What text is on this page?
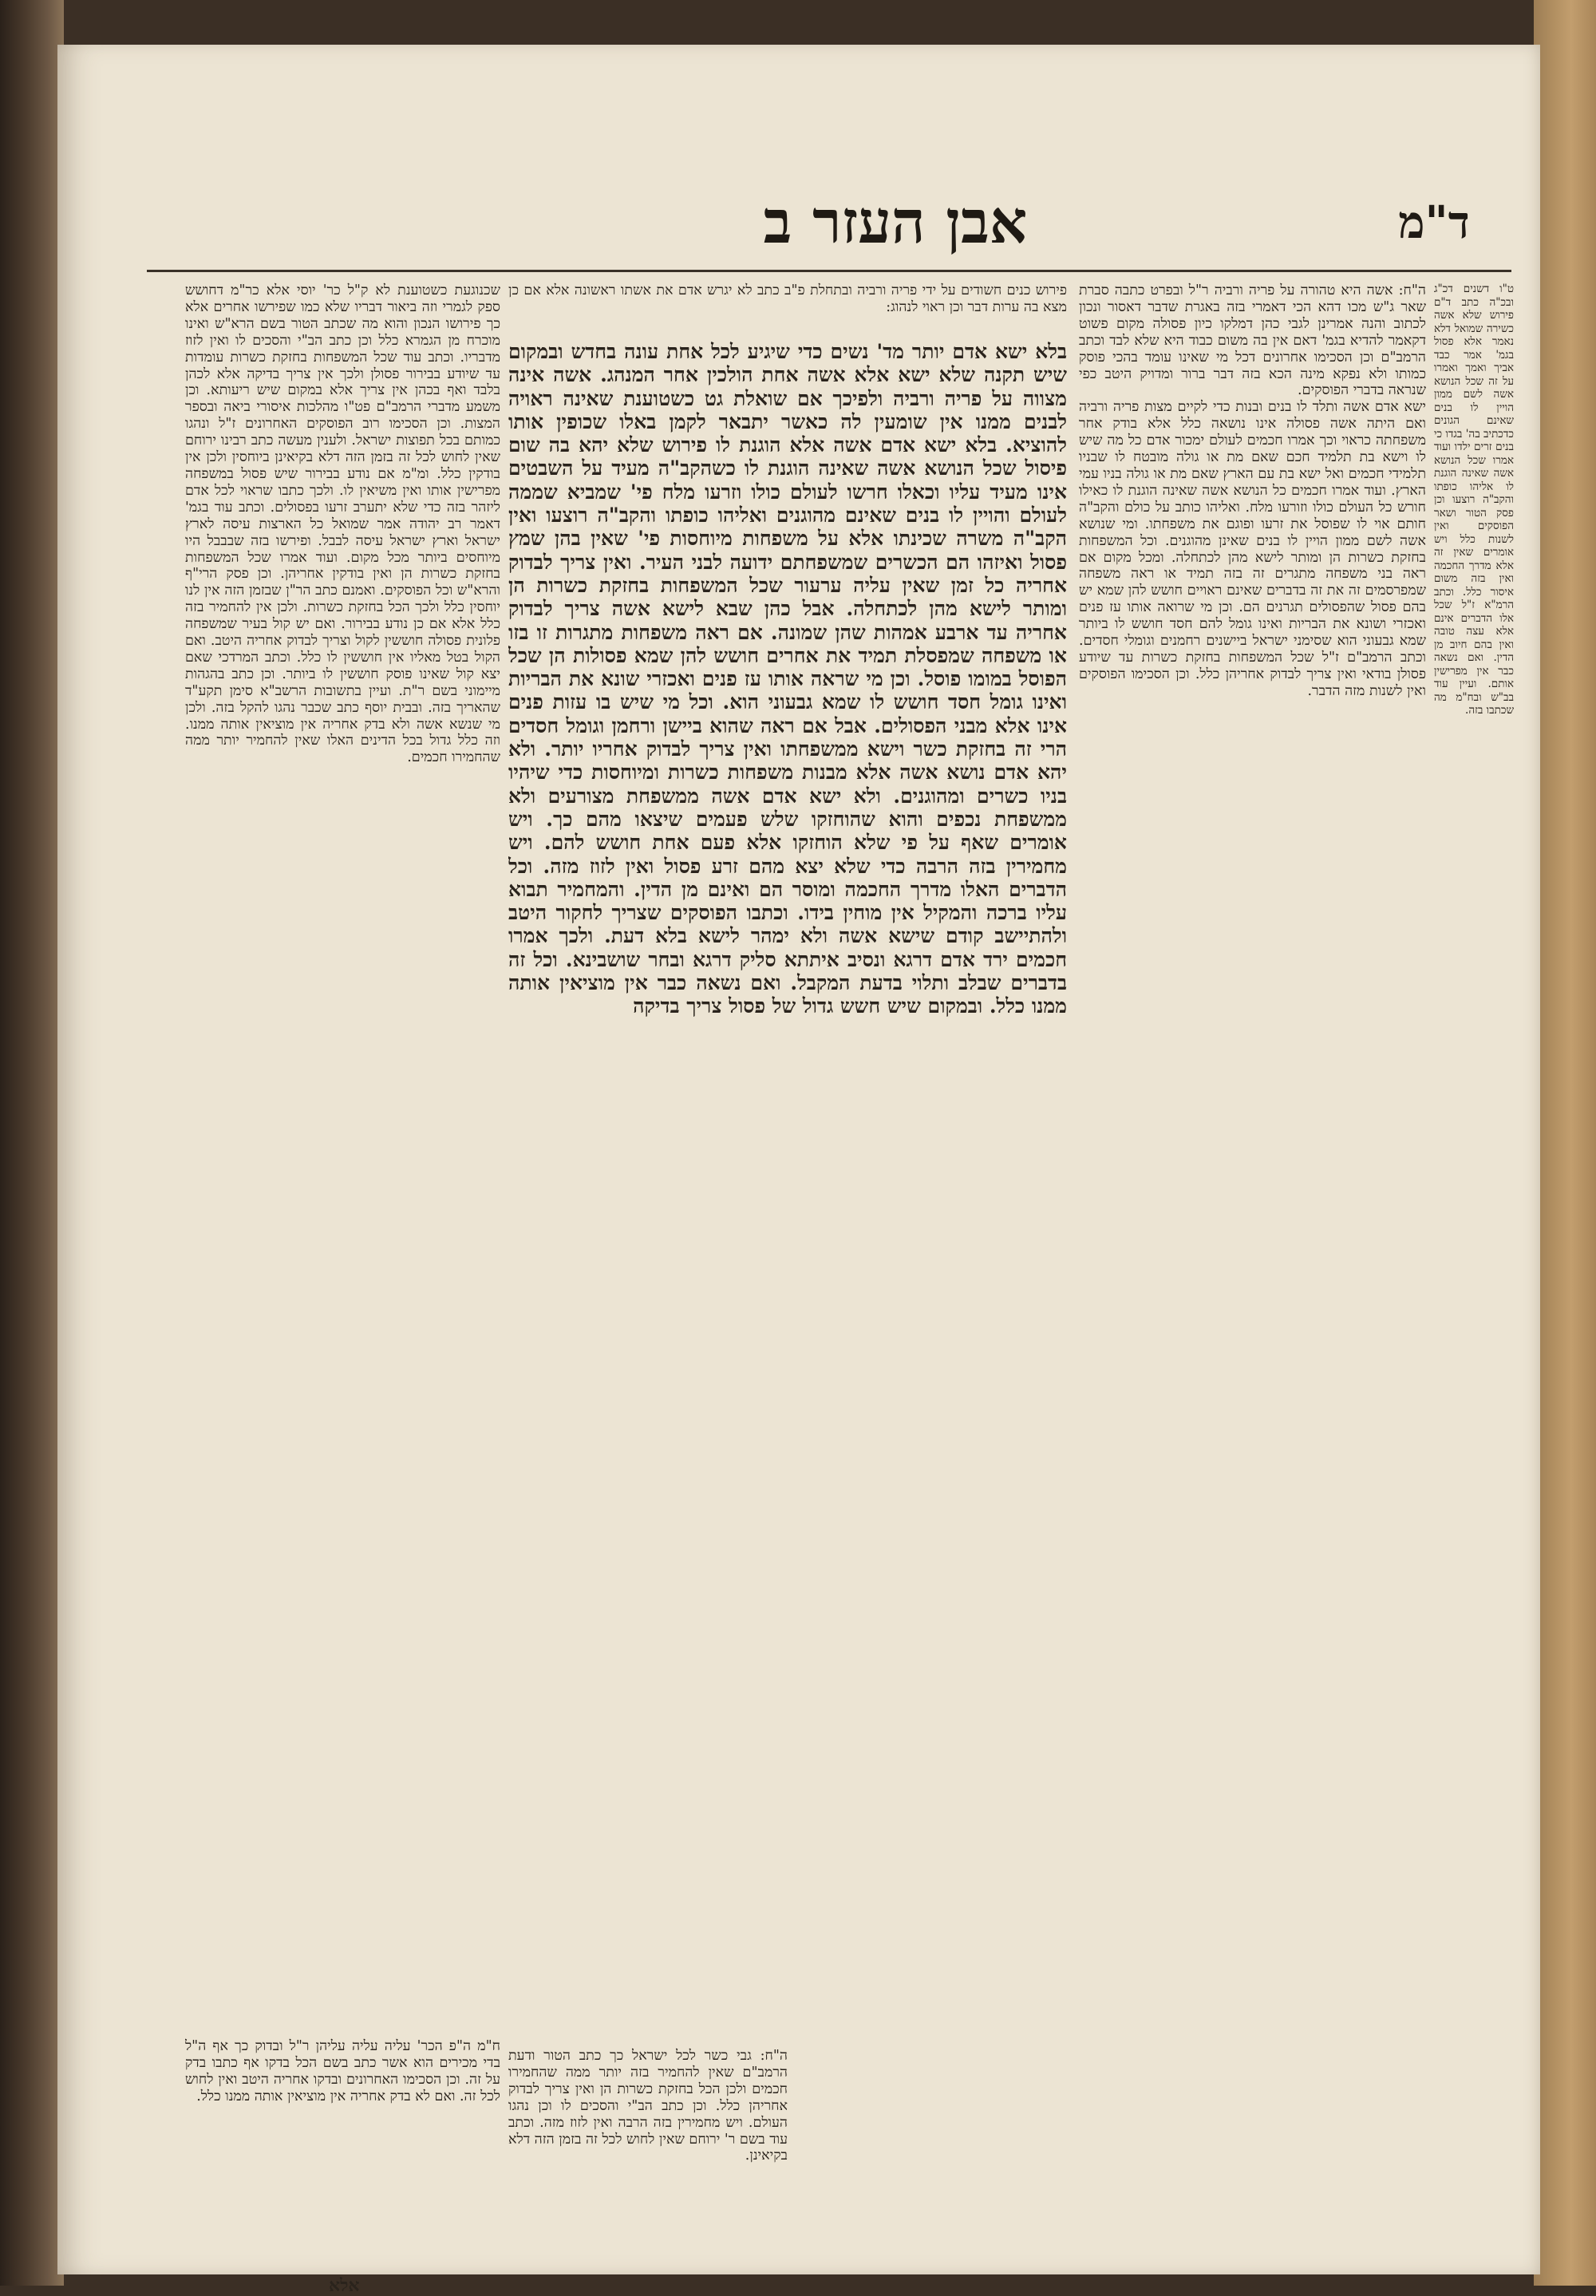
אבן העזר ב	ד"מ

ט"ו דשנים דכ"ג ובכ"ה כתב ד"ם פירוש שלא אשה כשירה שמואל דלא נאמר אלא פסול בגמ' אמר כבד אביך ואמך ואמרו על זה שכל הנושא אשה לשם ממון הויין לו בנים שאינם הגונים כדכתיב בה' בגדו כי בנים זרים ילדו ועוד אמרו שכל הנושא אשה שאינה הוגנת לו אליהו כופתו והקב"ה רוצעו וכן פסק הטור ושאר הפוסקים ואין לשנות כלל ויש אומרים שאין זה אלא מדרך החכמה ואין בזה משום איסור כלל. וכתב הרמ"א ז"ל שכל אלו הדברים אינם אלא עצה טובה ואין בהם חיוב מן הדין. ואם נשאה כבר אין מפרישין אותם. ועיין עוד בב"ש ובח"מ מה שכתבו בזה.

ה"ח: אשה היא טהורה על פריה ורביה ר"ל ובפרט כתבה סברת שאר ג"ש מכו דהא הכי דאמרי בזה באגרת שדבר דאסור ונכון לכתוב והנה אמרינן לגבי כהן דמלקו כיון פסולה מקום פשוט דקאמר להדיא בגמ' דאם אין בה משום כבוד היא שלא לבד וכתב הרמב"ם וכן הסכימו אחרונים דכל מי שאינו עומד בהכי פוסק כמותו ולא נפקא מינה הכא בזה דבר ברור ומדויק היטב כפי שנראה בדברי הפוסקים.

ישא אדם אשה ותלד לו בנים ובנות כדי לקיים מצות פריה ורביה ואם היתה אשה פסולה אינו נושאה כלל אלא בודק אחר משפחתה כראוי וכך אמרו חכמים לעולם ימכור אדם כל מה שיש לו וישא בת תלמיד חכם שאם מת או גולה מובטח לו שבניו תלמידי חכמים ואל ישא בת עם הארץ שאם מת או גולה בניו עמי הארץ. ועוד אמרו חכמים כל הנושא אשה שאינה הוגנת לו כאילו חורש כל העולם כולו וזורעו מלח. ואליהו כותב על כולם והקב"ה חותם אוי לו שפוסל את זרעו ופוגם את משפחתו. ומי שנושא אשה לשם ממון הויין לו בנים שאינן מהוגנים. וכל המשפחות בחזקת כשרות הן ומותר לישא מהן לכתחלה. ומכל מקום אם ראה בני משפחה מתגרים זה בזה תמיד או ראה משפחה שמפרסמים זה את זה בדברים שאינם ראויים חושש להן שמא יש בהם פסול שהפסולים תגרנים הם. וכן מי שרואה אותו עז פנים ואכזרי ושונא את הבריות ואינו גומל להם חסד חושש לו ביותר שמא גבעוני הוא שסימני ישראל ביישנים רחמנים וגומלי חסדים. וכתב הרמב"ם ז"ל שכל המשפחות בחזקת כשרות עד שיודע פסולן בודאי ואין צריך לבדוק אחריהן כלל. וכן הסכימו הפוסקים ואין לשנות מזה הדבר.

פירוש כנים חשודים על ידי פריה ורביה ובתחלת פ"ב כתב לא יגרש אדם את אשתו ראשונה אלא אם כן מצא בה ערות דבר וכן ראוי לנהוג:

בלא ישא אדם יותר מד' נשים כדי שיגיע לכל אחת עונה בחדש ובמקום שיש תקנה שלא ישא אלא אשה אחת הולכין אחר המנהג. אשה אינה מצווה על פריה ורביה ולפיכך אם שואלת גט כשטוענת שאינה ראויה לבנים ממנו אין שומעין לה כאשר יתבאר לקמן באלו שכופין אותו להוציא. בלא ישא אדם אשה אלא הוגנת לו פירוש שלא יהא בה שום פיסול שכל הנושא אשה שאינה הוגנת לו כשהקב"ה מעיד על השבטים אינו מעיד עליו וכאלו חרשו לעולם כולו וזרעו מלח פי' שמביא שממה לעולם והויין לו בנים שאינם מהוגנים ואליהו כופתו והקב"ה רוצעו ואין הקב"ה משרה שכינתו אלא על משפחות מיוחסות פי' שאין בהן שמץ פסול ואיזהו הם הכשרים שמשפחתם ידועה לבני העיר. ואין צריך לבדוק אחריה כל זמן שאין עליה ערעור שכל המשפחות בחזקת כשרות הן ומותר לישא מהן לכתחלה. אבל כהן שבא לישא אשה צריך לבדוק אחריה עד ארבע אמהות שהן שמונה. אם ראה משפחות מתגרות זו בזו או משפחה שמפסלת תמיד את אחרים חושש להן שמא פסולות הן שכל הפוסל במומו פוסל. וכן מי שראה אותו עז פנים ואכזרי שונא את הבריות ואינו גומל חסד חושש לו שמא גבעוני הוא. וכל מי שיש בו עזות פנים אינו אלא מבני הפסולים. אבל אם ראה שהוא ביישן ורחמן וגומל חסדים הרי זה בחזקת כשר וישא ממשפחתו ואין צריך לבדוק אחריו יותר. ולא יהא אדם נושא אשה אלא מבנות משפחות כשרות ומיוחסות כדי שיהיו בניו כשרים ומהוגנים. ולא ישא אדם אשה ממשפחת מצורעים ולא ממשפחת נכפים והוא שהוחזקו שלש פעמים שיצאו מהם כך. ויש אומרים שאף על פי שלא הוחזקו אלא פעם אחת חושש להם. ויש מחמירין בזה הרבה כדי שלא יצא מהם זרע פסול ואין לזוז מזה. וכל הדברים האלו מדרך החכמה ומוסר הם ואינם מן הדין. והמחמיר תבוא עליו ברכה והמקיל אין מוחין בידו. וכתבו הפוסקים שצריך לחקור היטב ולהתיישב קודם שישא אשה ולא ימהר לישא בלא דעת. ולכך אמרו חכמים ירד אדם דרגא ונסיב איתתא סליק דרגא ובחר שושבינא. וכל זה בדברים שבלב ותלוי בדעת המקבל. ואם נשאה כבר אין מוציאין אותה ממנו כלל. ובמקום שיש חשש גדול של פסול צריך בדיקה

שכנוגעת כשטוענת לא ק"ל כר' יוסי אלא כר"מ דחושש ספק לגמרי וזה ביאור דבריו שלא כמו שפירשו אחרים אלא כך פירושו הנכון והוא מה שכתב הטור בשם הרא"ש ואינו מוכרח מן הגמרא כלל וכן כתב הב"י והסכים לו ואין לזוז מדבריו. וכתב עוד שכל המשפחות בחזקת כשרות עומדות עד שיודע בבירור פסולן ולכך אין צריך בדיקה אלא לכהן בלבד ואף בכהן אין צריך אלא במקום שיש ריעותא. וכן משמע מדברי הרמב"ם פט"ו מהלכות איסורי ביאה ובספר המצות. וכן הסכימו רוב הפוסקים האחרונים ז"ל ונהגו כמותם בכל תפוצות ישראל. ולענין מעשה כתב רבינו ירוחם שאין לחוש לכל זה בזמן הזה דלא בקיאינן ביוחסין ולכן אין בודקין כלל. ומ"מ אם נודע בבירור שיש פסול במשפחה מפרישין אותו ואין משיאין לו. ולכך כתבו שראוי לכל אדם ליזהר בזה כדי שלא יתערב זרעו בפסולים. וכתב עוד בגמ' דאמר רב יהודה אמר שמואל כל הארצות עיסה לארץ ישראל וארץ ישראל עיסה לבבל. ופירשו בזה שבבבל היו מיוחסים ביותר מכל מקום. ועוד אמרו שכל המשפחות בחזקת כשרות הן ואין בודקין אחריהן. וכן פסק הרי"ף והרא"ש וכל הפוסקים. ואמנם כתב הר"ן שבזמן הזה אין לנו יוחסין כלל ולכך הכל בחזקת כשרות. ולכן אין להחמיר בזה כלל אלא אם כן נודע בבירור. ואם יש קול בעיר שמשפחה פלונית פסולה חוששין לקול וצריך לבדוק אחריה היטב. ואם הקול בטל מאליו אין חוששין לו כלל. וכתב המרדכי שאם יצא קול שאינו פוסק חוששין לו ביותר. וכן כתב בהגהות מיימוני בשם ר"ת. ועיין בתשובות הרשב"א סימן תקע"ד שהאריך בזה. ובבית יוסף כתב שכבר נהגו להקל בזה. ולכן מי שנשא אשה ולא בדק אחריה אין מוציאין אותה ממנו. וזה כלל גדול בכל הדינים האלו שאין להחמיר יותר ממה שהחמירו חכמים.

ה"ח: גבי כשר לכל ישראל כך כתב הטור ודעת הרמב"ם שאין להחמיר בזה יותר ממה שהחמירו חכמים ולכן הכל בחזקת כשרות הן ואין צריך לבדוק אחריהן כלל. וכן כתב הב"י והסכים לו וכן נהגו העולם. ויש מחמירין בזה הרבה ואין לזוז מזה. וכתב עוד בשם ר' ירוחם שאין לחוש לכל זה בזמן הזה דלא בקיאינן.

ח"מ ה"פ הכר' עליה עליה עליהן ר"ל ובדוק כך אף ה"ל בדי מכירים הוא אשר כתב בשם הכל בדקו אף כתבו בדק על זה. וכן הסכימו האחרונים ובדקו אחריה היטב ואין לחוש לכל זה. ואם לא בדק אחריה אין מוציאין אותה ממנו כלל.

אלא
